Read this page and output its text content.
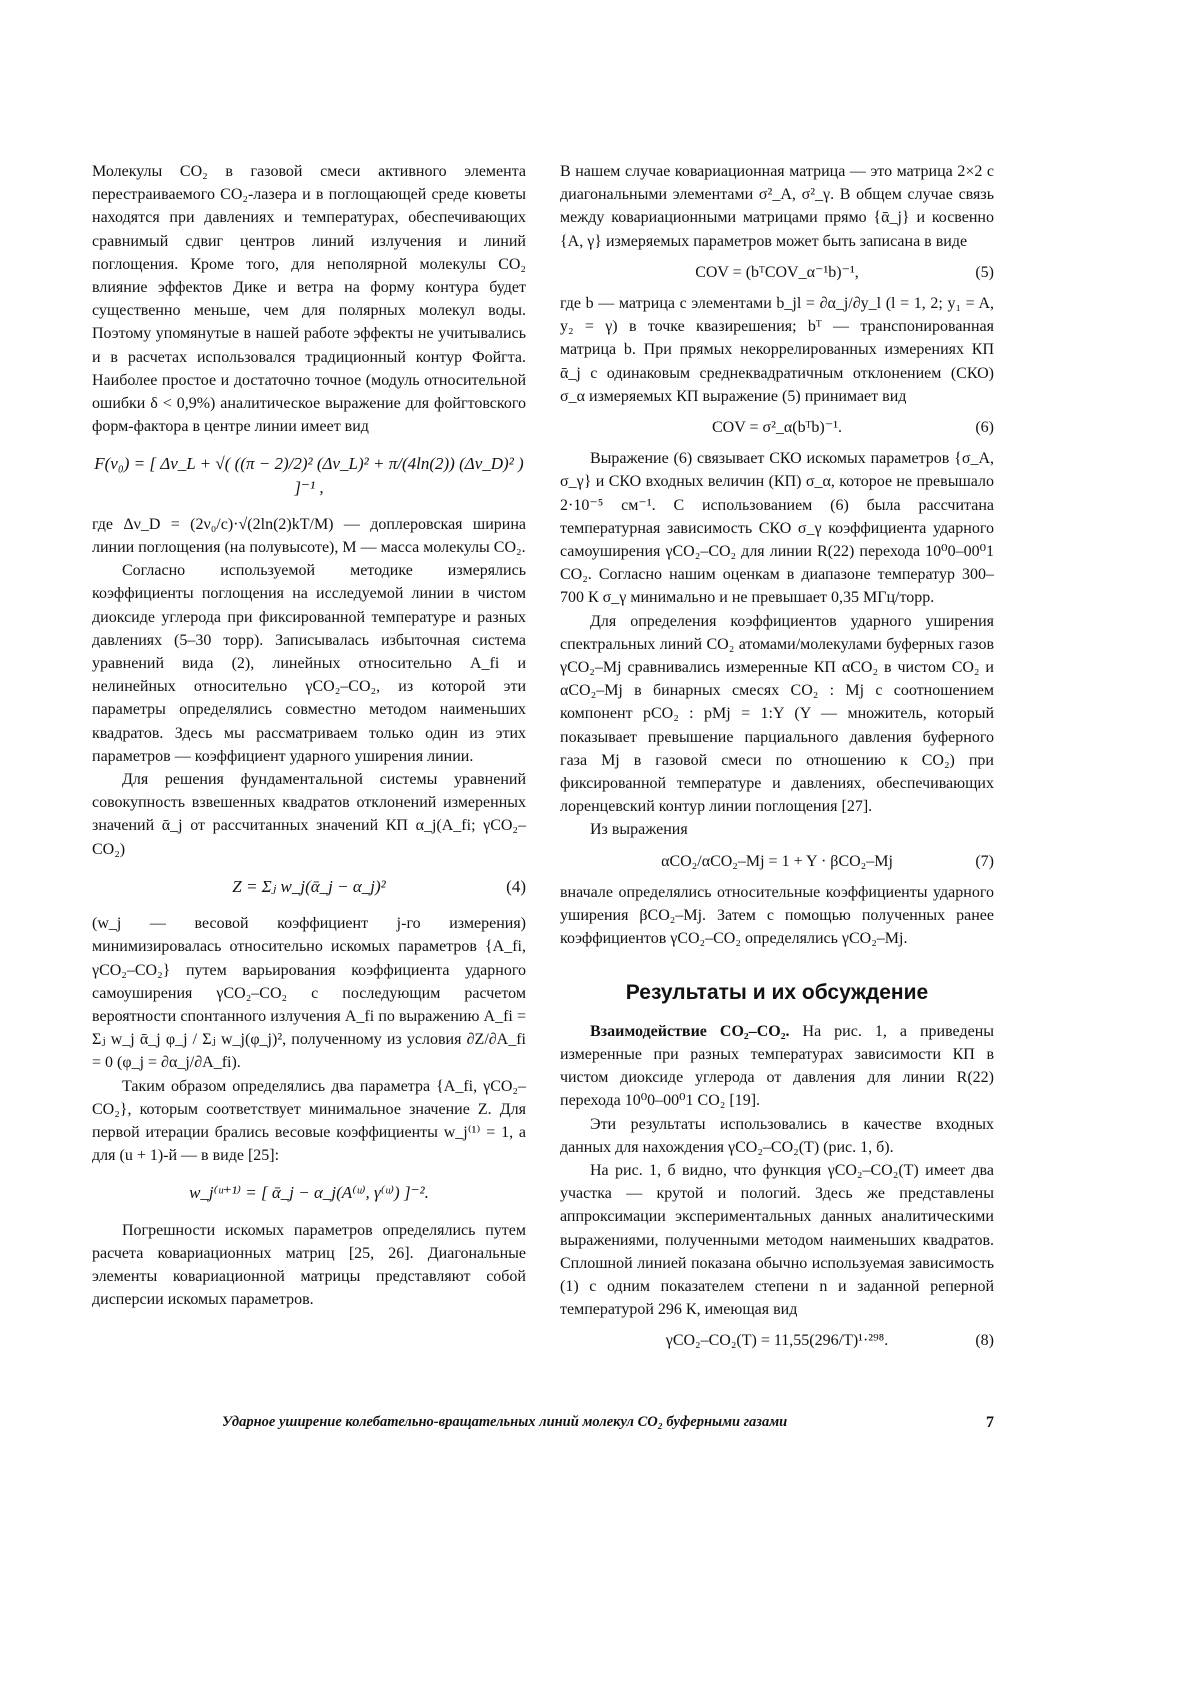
Молекулы CO₂ в газовой смеси активного элемента перестраиваемого CO₂-лазера и в поглощающей среде кюветы находятся при давлениях и температурах, обеспечивающих сравнимый сдвиг центров линий излучения и линий поглощения. Кроме того, для неполярной молекулы CO₂ влияние эффектов Дике и ветра на форму контура будет существенно меньше, чем для полярных молекул воды. Поэтому упомянутые в нашей работе эффекты не учитывались и в расчетах использовался традиционный контур Фойгта. Наиболее простое и достаточно точное (модуль относительной ошибки δ < 0,9%) аналитическое выражение для фойгтовского форм-фактора в центре линии имеет вид

F(ν₀) = [ Δν_L + √( ((π − 2)/2)² (Δν_L)² + π/(4ln(2)) (Δν_D)² ) ]⁻¹ ,

где Δν_D = (2ν₀/c)·√(2ln(2)kT/M) — доплеровская ширина линии поглощения (на полувысоте), M — масса молекулы CO₂.

Согласно используемой методике измерялись коэффициенты поглощения на исследуемой линии в чистом диоксиде углерода при фиксированной температуре и разных давлениях (5–30 торр). Записывалась избыточная система уравнений вида (2), линейных относительно A_fi и нелинейных относительно γCO₂–CO₂, из которой эти параметры определялись совместно методом наименьших квадратов. Здесь мы рассматриваем только один из этих параметров — коэффициент ударного уширения линии.

Для решения фундаментальной системы уравнений совокупность взвешенных квадратов отклонений измеренных значений ᾱ_j от рассчитанных значений КП α_j(A_fi; γCO₂–CO₂)

Z = Σⱼ w_j(ᾱ_j − α_j)²	(4)

(w_j — весовой коэффициент j-го измерения) минимизировалась относительно искомых параметров {A_fi, γCO₂–CO₂} путем варьирования коэффициента ударного самоуширения γCO₂–CO₂ с последующим расчетом вероятности спонтанного излучения A_fi по выражению A_fi = Σⱼ w_j ᾱ_j φ_j / Σⱼ w_j(φ_j)², полученному из условия ∂Z/∂A_fi = 0 (φ_j = ∂α_j/∂A_fi).

Таким образом определялись два параметра {A_fi, γCO₂–CO₂}, которым соответствует минимальное значение Z. Для первой итерации брались весовые коэффициенты w_j⁽¹⁾ = 1, а для (u + 1)-й — в виде [25]:

w_j⁽ᵘ⁺¹⁾ = [ ᾱ_j − α_j(A⁽ᵘ⁾, γ⁽ᵘ⁾) ]⁻².

Погрешности искомых параметров определялись путем расчета ковариационных матриц [25, 26]. Диагональные элементы ковариационной матрицы представляют собой дисперсии искомых параметров.

В нашем случае ковариационная матрица — это матрица 2×2 с диагональными элементами σ²_A, σ²_γ. В общем случае связь между ковариационными матрицами прямо {ᾱ_j} и косвенно {A, γ} измеряемых параметров может быть записана в виде

COV = (bᵀCOV_α⁻¹b)⁻¹,	(5)

где b — матрица с элементами b_jl = ∂α_j/∂y_l (l = 1, 2; y₁ = A, y₂ = γ) в точке квазирешения; bᵀ — транспонированная матрица b. При прямых некоррелированных измерениях КП ᾱ_j с одинаковым среднеквадратичным отклонением (СКО) σ_α измеряемых КП выражение (5) принимает вид

COV = σ²_α(bᵀb)⁻¹.	(6)

Выражение (6) связывает СКО искомых параметров {σ_A, σ_γ} и СКО входных величин (КП) σ_α, которое не превышало 2·10⁻⁵ см⁻¹. С использованием (6) была рассчитана температурная зависимость СКО σ_γ коэффициента ударного самоуширения γCO₂–CO₂ для линии R(22) перехода 10⁰0–00⁰1 CO₂. Согласно нашим оценкам в диапазоне температур 300–700 К σ_γ минимально и не превышает 0,35 МГц/торр.

Для определения коэффициентов ударного уширения спектральных линий CO₂ атомами/молекулами буферных газов γCO₂–Mj сравнивались измеренные КП αCO₂ в чистом CO₂ и αCO₂–Mj в бинарных смесях CO₂ : Mj с соотношением компонент pCO₂ : pMj = 1:Y (Y — множитель, который показывает превышение парциального давления буферного газа Mj в газовой смеси по отношению к CO₂) при фиксированной температуре и давлениях, обеспечивающих лоренцевский контур линии поглощения [27].

Из выражения

αCO₂/αCO₂–Mj = 1 + Y · βCO₂–Mj	(7)

вначале определялись относительные коэффициенты ударного уширения βCO₂–Mj. Затем с помощью полученных ранее коэффициентов γCO₂–CO₂ определялись γCO₂–Mj.

Результаты и их обсуждение

Взаимодействие CO₂–CO₂. На рис. 1, а приведены измеренные при разных температурах зависимости КП в чистом диоксиде углерода от давления для линии R(22) перехода 10⁰0–00⁰1 CO₂ [19].

Эти результаты использовались в качестве входных данных для нахождения γCO₂–CO₂(T) (рис. 1, б).

На рис. 1, б видно, что функция γCO₂–CO₂(T) имеет два участка — крутой и пологий. Здесь же представлены аппроксимации экспериментальных данных аналитическими выражениями, полученными методом наименьших квадратов. Сплошной линией показана обычно используемая зависимость (1) с одним показателем степени n и заданной реперной температурой 296 К, имеющая вид

γCO₂–CO₂(T) = 11,55(296/T)¹·²⁹⁸.	(8)
Ударное уширение колебательно-вращательных линий молекул CO₂ буферными газами	7
